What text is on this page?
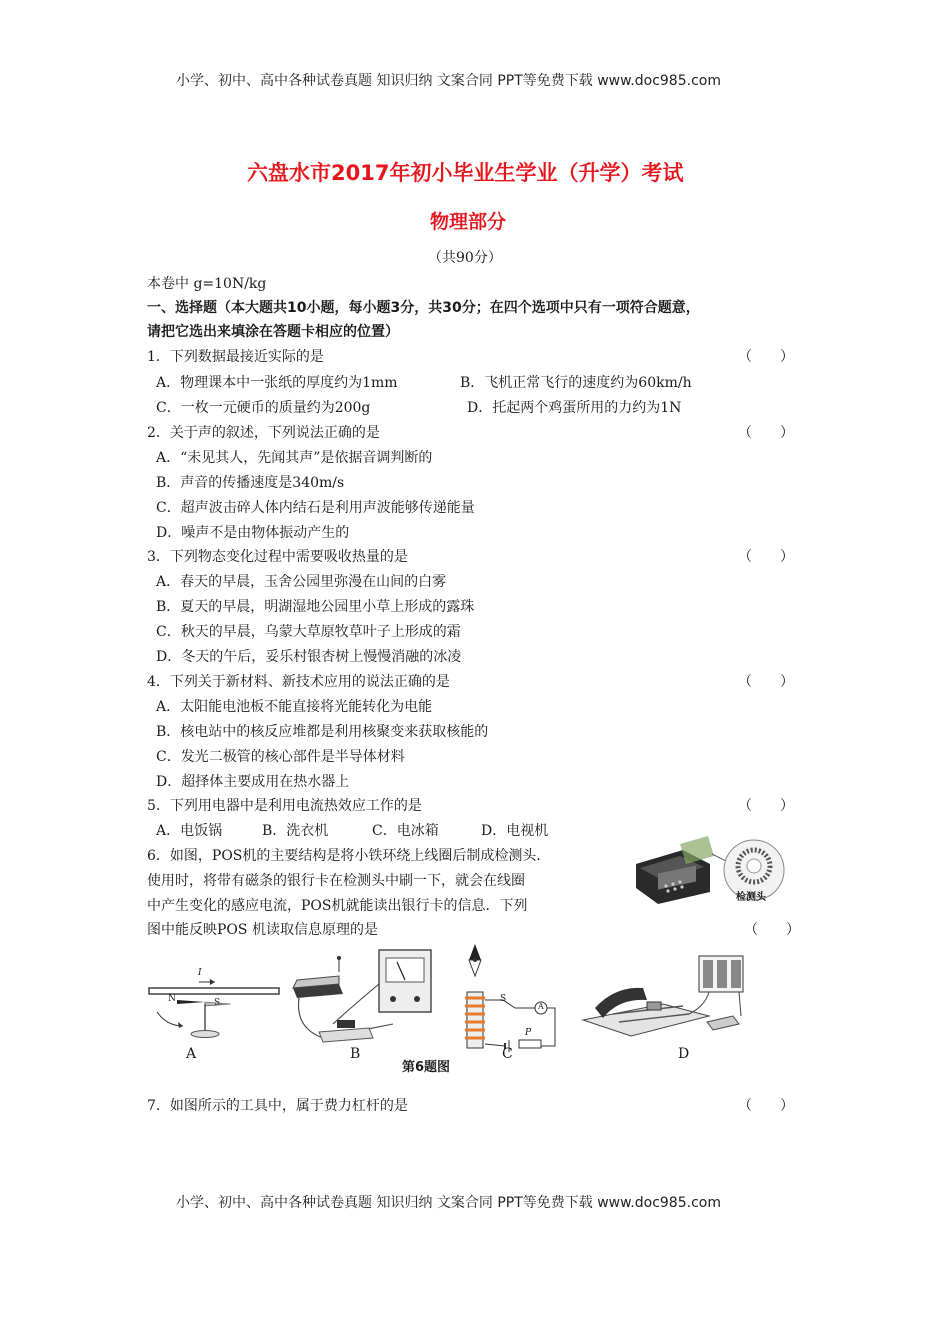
小学、初中、高中各种试卷真题 知识归纳 文案合同 PPT等免费下载 www.doc985.com
小学、初中、高中各种试卷真题 知识归纳 文案合同 PPT等免费下载 www.doc985.com
六盘水市2017年初小毕业生学业（升学）考试
物理部分
（共90分）
本卷中 g=10N/kg
一、选择题（本大题共10小题，每小题3分，共30分；在四个选项中只有一项符合题意，
请把它选出来填涂在答题卡相应的位置）
1．下列数据最接近实际的是	（　　）
A．物理课本中一张纸的厚度约为1mm	B．飞机正常飞行的速度约为60km/h
C．一枚一元硬币的质量约为200g	D．托起两个鸡蛋所用的力约为1N
2．关于声的叙述，下列说法正确的是	（　　）
A．“未见其人，先闻其声”是依据音调判断的
B．声音的传播速度是340m/s
C．超声波击碎人体内结石是利用声波能够传递能量
D．噪声不是由物体振动产生的
3．下列物态变化过程中需要吸收热量的是	（　　）
A．春天的早晨，玉舍公园里弥漫在山间的白雾
B．夏天的早晨，明湖湿地公园里小草上形成的露珠
C．秋天的早晨，乌蒙大草原牧草叶子上形成的霜
D．冬天的午后，妥乐村银杏树上慢慢消融的冰凌
4．下列关于新材料、新技术应用的说法正确的是	（　　）
A．太阳能电池板不能直接将光能转化为电能
B．核电站中的核反应堆都是利用核聚变来获取核能的
C．发光二极管的核心部件是半导体材料
D．超择体主要成用在热水器上
5．下列用电器中是利用电流热效应工作的是	（　　）
A．电饭锅	B．洗衣机	C．电冰箱	D．电视机
6．如图，POS机的主要结构是将小铁环绕上线圈后制成检测头．
使用时，将带有磁条的银行卡在检测头中刷一下，就会在线圈
中产生变化的感应电流，POS机就能读出银行卡的信息．下列
图中能反映POS 机读取信息原理的是	（　　）
检测头
I
N	S	S
A
P
A	B	C	D
第6题图
7．如图所示的工具中，属于费力杠杆的是	（　　）
